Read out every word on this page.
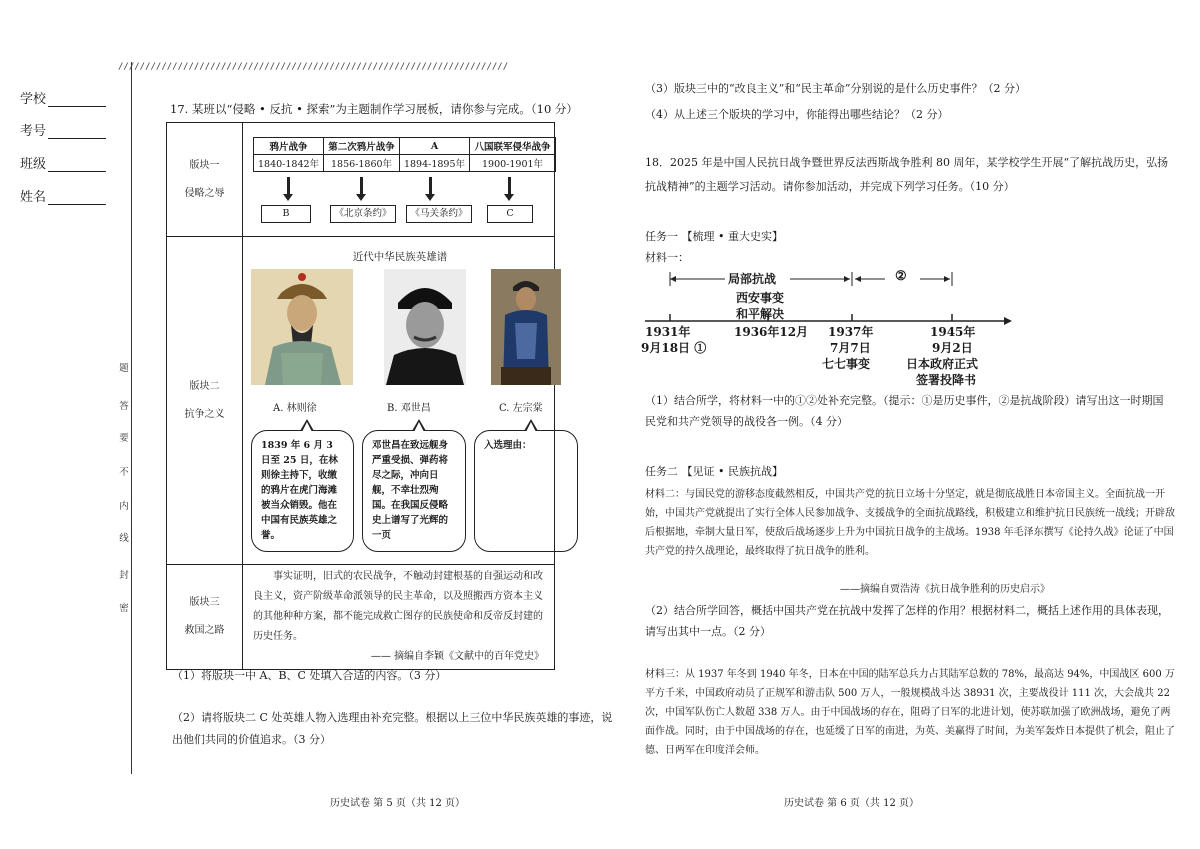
学校
考号
班级
姓名
////////////////////////////////////////////////////////////////////////
题
答
要
不
内
线
封
密
17. 某班以“侵略 • 反抗 • 探索”为主题制作学习展板，请你参与完成。（10 分）
版块一
侵略之辱

鸦片战争	第二次鸦片战争	A	八国联军侵华战争
1840-1842年	1856-1860年	1894-1895年	1900-1901年
B	《北京条约》	《马关条约》	C

版块二
抗争之义

近代中华民族英雄谱
A. 林则徐	B. 邓世昌	C. 左宗棠
1839 年 6 月 3 日至 25 日，在林则徐主持下，收缴的鸦片在虎门海滩被当众销毁。他在中国有民族英雄之誉。
邓世昌在致远舰身严重受损、弹药将尽之际，冲向日舰，不幸壮烈殉国。在我国反侵略史上谱写了光辉的一页
入选理由：

版块三
救国之路

事实证明，旧式的农民战争，不触动封建根基的自强运动和改良主义，资产阶级革命派领导的民主革命，以及照搬西方资本主义的其他种种方案，都不能完成救亡图存的民族使命和反帝反封建的历史任务。
—— 摘编自李颖《文献中的百年党史》
（1）将版块一中 A、B、C 处填入合适的内容。（3 分）
（2）请将版块二 C 处英雄人物入选理由补充完整。根据以上三位中华民族英雄的事迹，说出他们共同的价值追求。（3 分）
历史试卷 第 5 页（共 12 页）
（3）版块三中的“改良主义”和“民主革命”分别说的是什么历史事件？（2 分）
（4）从上述三个版块的学习中，你能得出哪些结论？（2 分）
18．2025 年是中国人民抗日战争暨世界反法西斯战争胜利 80 周年，某学校学生开展“了解抗战历史，弘扬抗战精神”的主题学习活动。请你参加活动，并完成下列学习任务。（10 分）
任务一 【梳理 • 重大史实】
材料一：
局部抗战	②
西安事变
和平解决
1931年	1936年12月 1937年	1945年
9月18日 ①	7月7日
七七事变
9月2日
日本政府正式
签署投降书
（1）结合所学，将材料一中的①②处补充完整。（提示：①是历史事件，②是抗战阶段）请写出这一时期国民党和共产党领导的战役各一例。（4 分）
任务二 【见证 • 民族抗战】
材料二：与国民党的游移态度截然相反，中国共产党的抗日立场十分坚定，就是彻底战胜日本帝国主义。全面抗战一开始，中国共产党就提出了实行全体人民参加战争、支援战争的全面抗战路线，积极建立和维护抗日民族统一战线；开辟敌后根据地，牵制大量日军，使敌后战场逐步上升为中国抗日战争的主战场。1938 年毛泽东撰写《论持久战》论证了中国共产党的持久战理论，最终取得了抗日战争的胜利。
——摘编自贾浩涛《抗日战争胜利的历史启示》
（2）结合所学回答，概括中国共产党在抗战中发挥了怎样的作用？根据材料二，概括上述作用的具体表现，请写出其中一点。（2 分）
材料三：从 1937 年冬到 1940 年冬，日本在中国的陆军总兵力占其陆军总数的 78%，最高达 94%，中国战区 600 万平方千米，中国政府动员了正规军和游击队 500 万人，一般规模战斗达 38931 次，主要战役计 111 次，大会战共 22 次，中国军队伤亡人数超 338 万人。由于中国战场的存在，阻碍了日军的北进计划，使苏联加强了欧洲战场，避免了两面作战。同时，由于中国战场的存在，也延缓了日军的南进，为英、美赢得了时间，为美军轰炸日本提供了机会，阻止了德、日两军在印度洋会师。
历史试卷 第 6 页（共 12 页）
